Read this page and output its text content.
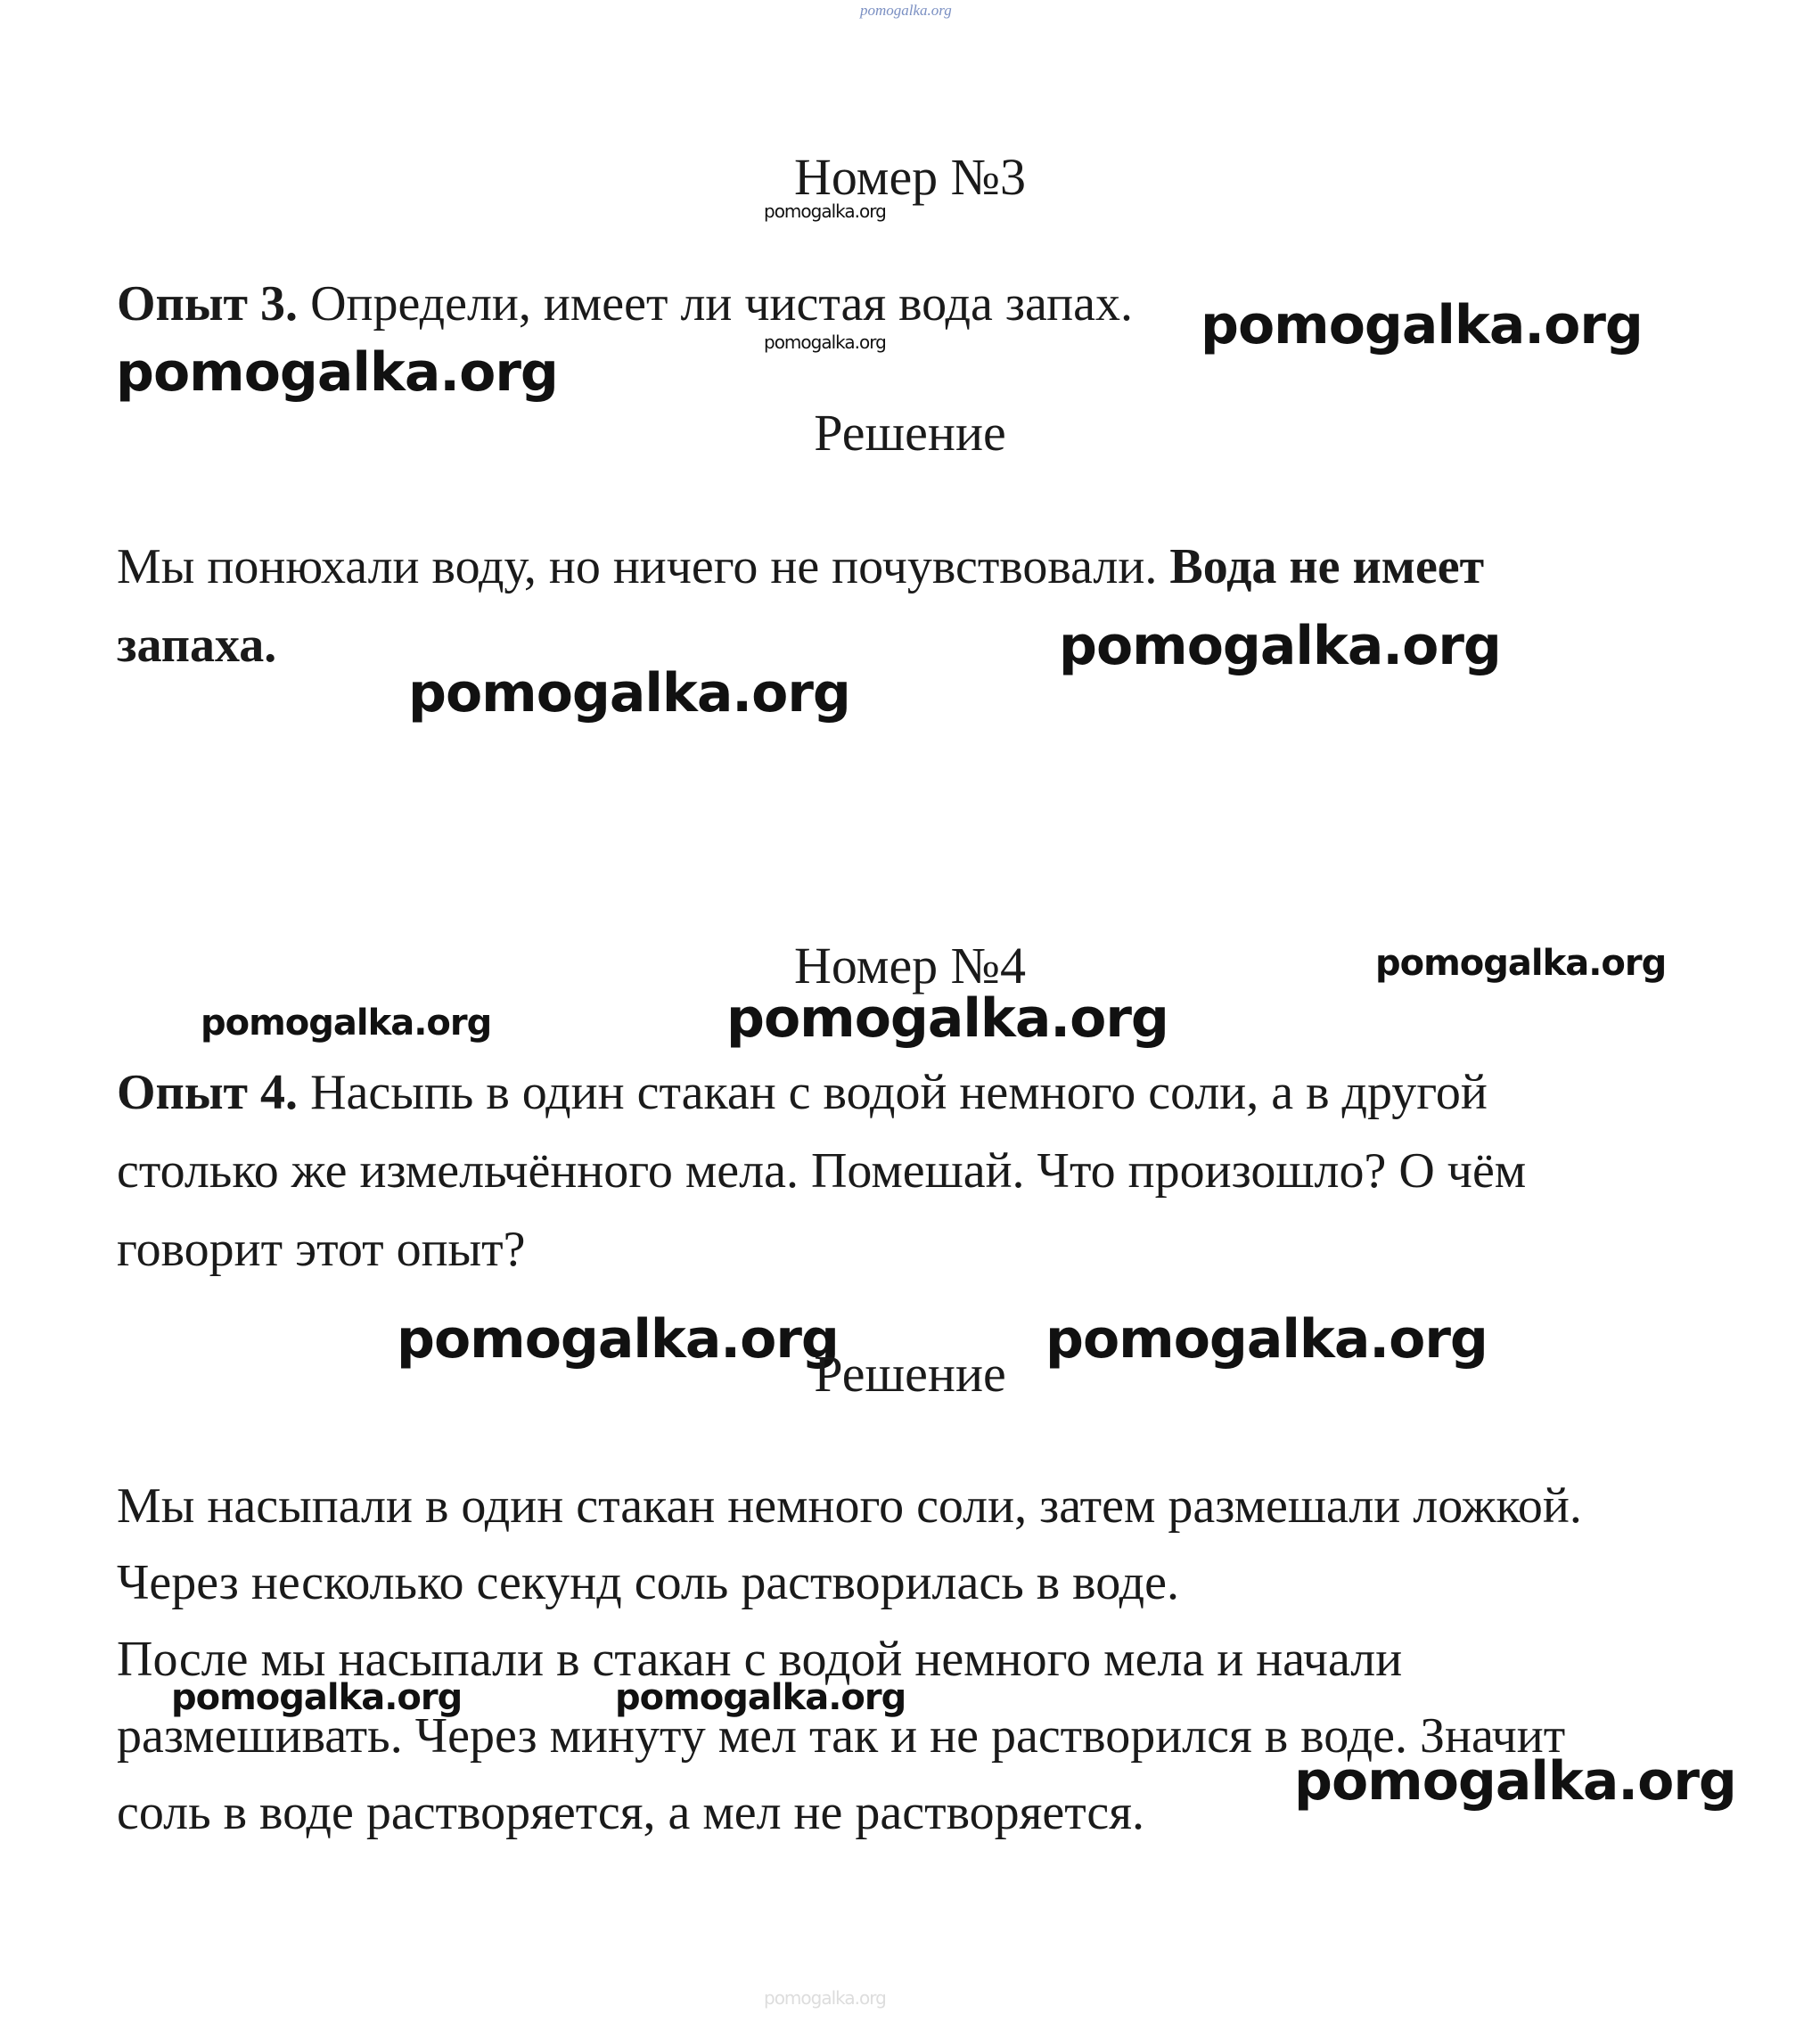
pomogalka.org
Номер №3
pomogalka.org
Опыт 3. Определи, имеет ли чистая вода запах.
pomogalka.org	pomogalka.org
pomogalka.org
Решение
Мы понюхали воду, но ничего не почувствовали. Вода не имеет
запаха.	pomogalka.org
pomogalka.org
Номер №4	pomogalka.org
pomogalka.org	pomogalka.org
Опыт 4. Насыпь в один стакан с водой немного соли, а в другой
столько же измельчённого мела. Помешай. Что произошло? О чём
говорит этот опыт?
pomogalka.org
Решение
pomogalka.org
Мы насыпали в один стакан немного соли, затем размешали ложкой.
Через несколько секунд соль растворилась в воде.
После мы насыпали в стакан с водой немного мела и начали
pomogalka.org	pomogalka.org
размешивать. Через минуту мел так и не растворился в воде. Значит
pomogalka.org
соль в воде растворяется, а мел не растворяется.
pomogalka.org
